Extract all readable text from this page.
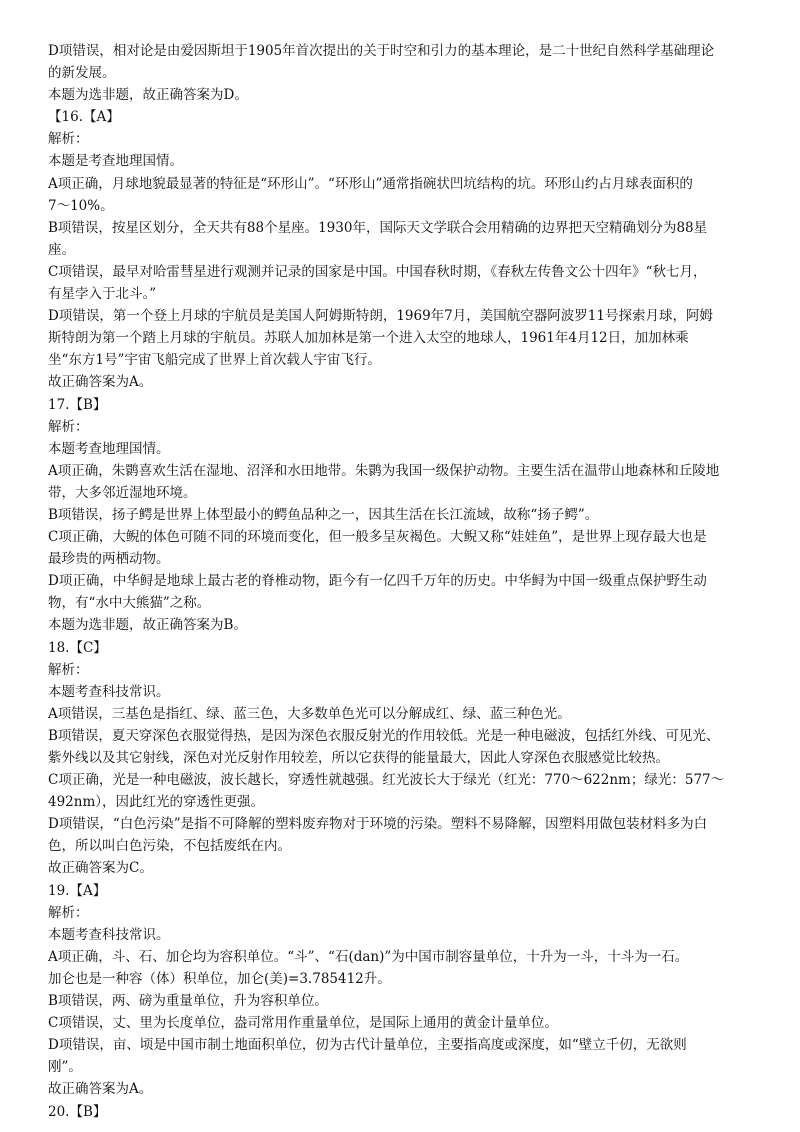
D项错误，相对论是由爱因斯坦于1905年首次提出的关于时空和引力的基本理论，是二十世纪自然科学基础理论
的新发展。
本题为选非题，故正确答案为D。
【16.【A】
解析：
本题是考查地理国情。
A项正确，月球地貌最显著的特征是“环形山”。“环形山”通常指碗状凹坑结构的坑。环形山约占月球表面积的
7～10%。
B项错误，按星区划分，全天共有88个星座。1930年，国际天文学联合会用精确的边界把天空精确划分为88星
座。
C项错误，最早对哈雷彗星进行观测并记录的国家是中国。中国春秋时期，《春秋左传鲁文公十四年》“秋七月，
有星孛入于北斗。”
D项错误，第一个登上月球的宇航员是美国人阿姆斯特朗，1969年7月，美国航空器阿波罗11号探索月球，阿姆
斯特朗为第一个踏上月球的宇航员。苏联人加加林是第一个进入太空的地球人，1961年4月12日，加加林乘
坐“东方1号”宇宙飞船完成了世界上首次载人宇宙飞行。
故正确答案为A。
17.【B】
解析：
本题考查地理国情。
A项正确，朱鹮喜欢生活在湿地、沼泽和水田地带。朱鹮为我国一级保护动物。主要生活在温带山地森林和丘陵地
带，大多邻近湿地环境。
B项错误，扬子鳄是世界上体型最小的鳄鱼品种之一，因其生活在长江流域，故称“扬子鳄”。
C项正确，大鲵的体色可随不同的环境而变化，但一般多呈灰褐色。大鲵又称“娃娃鱼”，是世界上现存最大也是
最珍贵的两栖动物。
D项正确，中华鲟是地球上最古老的脊椎动物，距今有一亿四千万年的历史。中华鲟为中国一级重点保护野生动
物，有“水中大熊猫”之称。
本题为选非题，故正确答案为B。
18.【C】
解析：
本题考查科技常识。
A项错误，三基色是指红、绿、蓝三色，大多数单色光可以分解成红、绿、蓝三种色光。
B项错误，夏天穿深色衣服觉得热，是因为深色衣服反射光的作用较低。光是一种电磁波，包括红外线、可见光、
紫外线以及其它射线，深色对光反射作用较差，所以它获得的能量最大，因此人穿深色衣服感觉比较热。
C项正确，光是一种电磁波，波长越长，穿透性就越强。红光波长大于绿光（红光：770～622nm；绿光：577～
492nm），因此红光的穿透性更强。
D项错误，“白色污染”是指不可降解的塑料废弃物对于环境的污染。塑料不易降解，因塑料用做包装材料多为白
色，所以叫白色污染，不包括废纸在内。
故正确答案为C。
19.【A】
解析：
本题考查科技常识。
A项正确，斗、石、加仑均为容积单位。“斗”、“石(dan)”为中国市制容量单位，十升为一斗，十斗为一石。
加仑也是一种容（体）积单位，加仑(美)=3.785412升。
B项错误，两、磅为重量单位，升为容积单位。
C项错误，丈、里为长度单位，盎司常用作重量单位，是国际上通用的黄金计量单位。
D项错误，亩、顷是中国市制土地面积单位，仞为古代计量单位，主要指高度或深度，如“壁立千仞，无欲则
刚”。
故正确答案为A。
20.【B】
